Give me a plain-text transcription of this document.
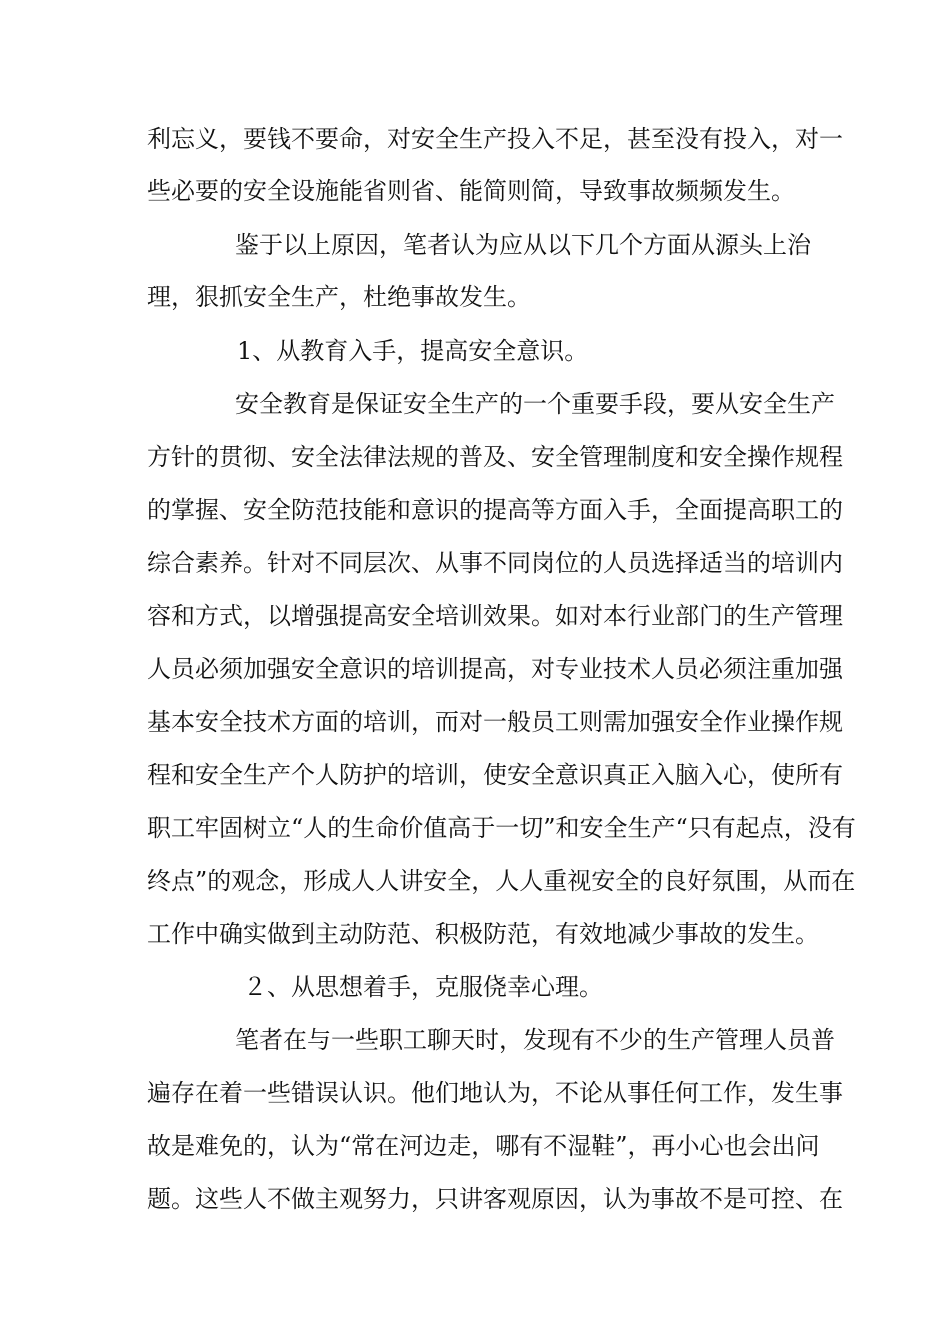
利忘义，要钱不要命，对安全生产投入不足，甚至没有投入，对一
些必要的安全设施能省则省、能简则简，导致事故频频发生。
鉴于以上原因，笔者认为应从以下几个方面从源头上治
理，狠抓安全生产，杜绝事故发生。
1、从教育入手，提高安全意识。
安全教育是保证安全生产的一个重要手段，要从安全生产
方针的贯彻、安全法律法规的普及、安全管理制度和安全操作规程
的掌握、安全防范技能和意识的提高等方面入手，全面提高职工的
综合素养。针对不同层次、从事不同岗位的人员选择适当的培训内
容和方式，以增强提高安全培训效果。如对本行业部门的生产管理
人员必须加强安全意识的培训提高，对专业技术人员必须注重加强
基本安全技术方面的培训，而对一般员工则需加强安全作业操作规
程和安全生产个人防护的培训，使安全意识真正入脑入心，使所有
职工牢固树立“人的生命价值高于一切”和安全生产“只有起点，没有
终点”的观念，形成人人讲安全，人人重视安全的良好氛围，从而在
工作中确实做到主动防范、积极防范，有效地减少事故的发生。
２、从思想着手，克服侥幸心理。
笔者在与一些职工聊天时，发现有不少的生产管理人员普
遍存在着一些错误认识。他们地认为，不论从事任何工作，发生事
故是难免的，认为“常在河边走，哪有不湿鞋”，再小心也会出问
题。这些人不做主观努力，只讲客观原因，认为事故不是可控、在
